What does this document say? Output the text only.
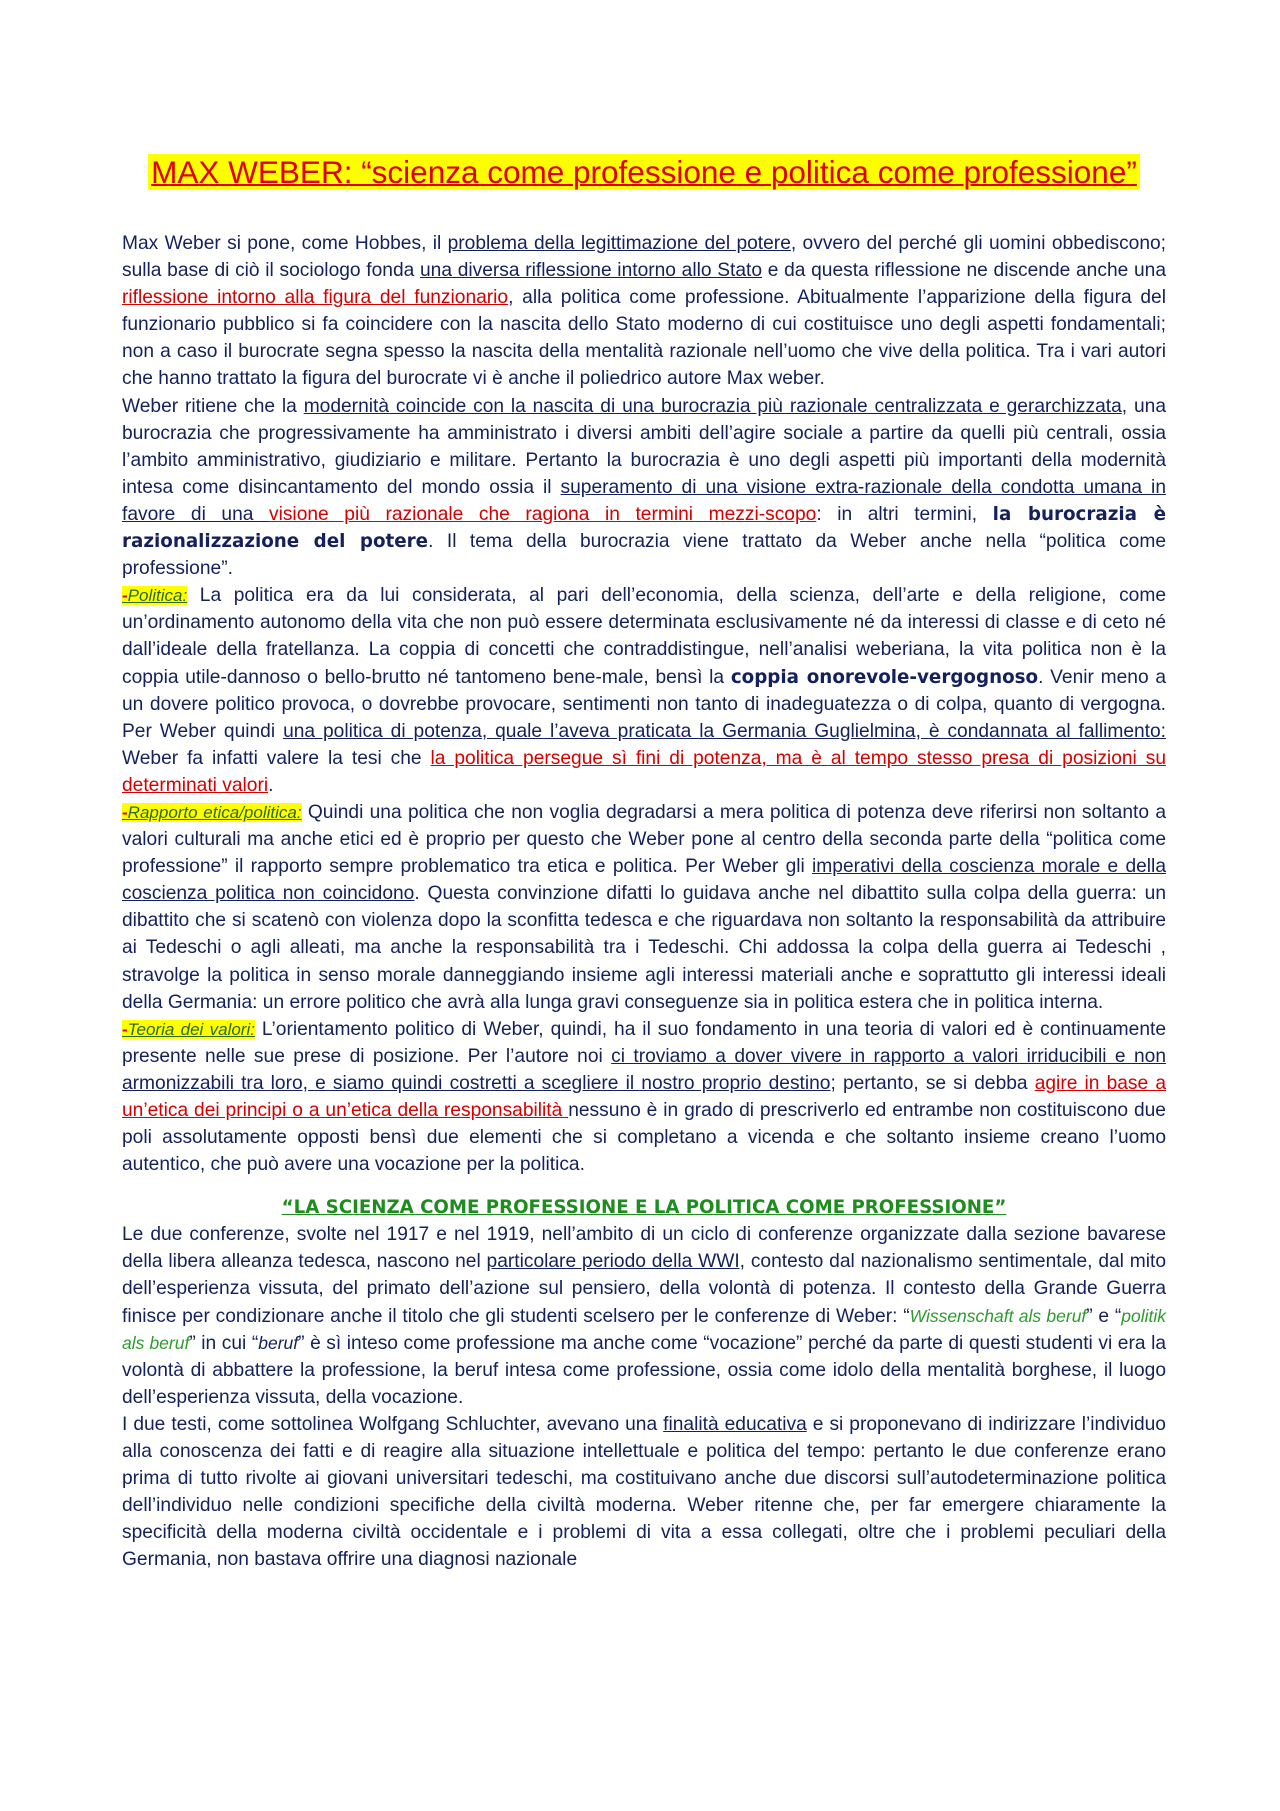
MAX WEBER: “scienza come professione e politica come professione”

Max Weber si pone, come Hobbes, il problema della legittimazione del potere, ovvero del perché gli uomini obbediscono; sulla base di ciò il sociologo fonda una diversa riflessione intorno allo Stato e da questa riflessione ne discende anche una riflessione intorno alla figura del funzionario, alla politica come professione. Abitualmente l’apparizione della figura del funzionario pubblico si fa coincidere con la nascita dello Stato moderno di cui costituisce uno degli aspetti fondamentali; non a caso il burocrate segna spesso la nascita della mentalità razionale nell’uomo che vive della politica. Tra i vari autori che hanno trattato la figura del burocrate vi è anche il poliedrico autore Max weber.

Weber ritiene che la modernità coincide con la nascita di una burocrazia più razionale centralizzata e gerarchizzata, una burocrazia che progressivamente ha amministrato i diversi ambiti dell’agire sociale a partire da quelli più centrali, ossia l’ambito amministrativo, giudiziario e militare. Pertanto la burocrazia è uno degli aspetti più importanti della modernità intesa come disincantamento del mondo ossia il superamento di una visione extra-razionale della condotta umana in favore di una visione più razionale che ragiona in termini mezzi-scopo: in altri termini, la burocrazia è razionalizzazione del potere. Il tema della burocrazia viene trattato da Weber anche nella “politica come professione”.

-Politica: La politica era da lui considerata, al pari dell’economia, della scienza, dell’arte e della religione, come un’ordinamento autonomo della vita che non può essere determinata esclusivamente né da interessi di classe e di ceto né dall’ideale della fratellanza. La coppia di concetti che contraddistingue, nell’analisi weberiana, la vita politica non è la coppia utile-dannoso o bello-brutto né tantomeno bene-male, bensì la coppia onorevole-vergognoso. Venir meno a un dovere politico provoca, o dovrebbe provocare, sentimenti non tanto di inadeguatezza o di colpa, quanto di vergogna. Per Weber quindi una politica di potenza, quale l’aveva praticata la Germania Guglielmina, è condannata al fallimento: Weber fa infatti valere la tesi che la politica persegue sì fini di potenza, ma è al tempo stesso presa di posizioni su determinati valori.

-Rapporto etica/politica: Quindi una politica che non voglia degradarsi a mera politica di potenza deve riferirsi non soltanto a valori culturali ma anche etici ed è proprio per questo che Weber pone al centro della seconda parte della “politica come professione” il rapporto sempre problematico tra etica e politica. Per Weber gli imperativi della coscienza morale e della coscienza politica non coincidono. Questa convinzione difatti lo guidava anche nel dibattito sulla colpa della guerra: un dibattito che si scatenò con violenza dopo la sconfitta tedesca e che riguardava non soltanto la responsabilità da attribuire ai Tedeschi o agli alleati, ma anche la responsabilità tra i Tedeschi. Chi addossa la colpa della guerra ai Tedeschi , stravolge la politica in senso morale danneggiando insieme agli interessi materiali anche e soprattutto gli interessi ideali della Germania: un errore politico che avrà alla lunga gravi conseguenze sia in politica estera che in politica interna.

-Teoria dei valori: L’orientamento politico di Weber, quindi, ha il suo fondamento in una teoria di valori ed è continuamente presente nelle sue prese di posizione. Per l’autore noi ci troviamo a dover vivere in rapporto a valori irriducibili e non armonizzabili tra loro, e siamo quindi costretti a scegliere il nostro proprio destino; pertanto, se si debba agire in base a un’etica dei principi o a un’etica della responsabilità nessuno è in grado di prescriverlo ed entrambe non costituiscono due poli assolutamente opposti bensì due elementi che si completano a vicenda e che soltanto insieme creano l’uomo autentico, che può avere una vocazione per la politica.

“LA SCIENZA COME PROFESSIONE E LA POLITICA COME PROFESSIONE”

Le due conferenze, svolte nel 1917 e nel 1919, nell’ambito di un ciclo di conferenze organizzate dalla sezione bavarese della libera alleanza tedesca, nascono nel particolare periodo della WWI, contesto dal nazionalismo sentimentale, dal mito dell’esperienza vissuta, del primato dell’azione sul pensiero, della volontà di potenza. Il contesto della Grande Guerra finisce per condizionare anche il titolo che gli studenti scelsero per le conferenze di Weber: “Wissenschaft als beruf” e “politik als beruf” in cui “beruf” è sì inteso come professione ma anche come “vocazione” perché da parte di questi studenti vi era la volontà di abbattere la professione, la beruf intesa come professione, ossia come idolo della mentalità borghese, il luogo dell’esperienza vissuta, della vocazione.

I due testi, come sottolinea Wolfgang Schluchter, avevano una finalità educativa e si proponevano di indirizzare l’individuo alla conoscenza dei fatti e di reagire alla situazione intellettuale e politica del tempo: pertanto le due conferenze erano prima di tutto rivolte ai giovani universitari tedeschi, ma costituivano anche due discorsi sull’autodeterminazione politica dell’individuo nelle condizioni specifiche della civiltà moderna. Weber ritenne che, per far emergere chiaramente la specificità della moderna civiltà occidentale e i problemi di vita a essa collegati, oltre che i problemi peculiari della Germania, non bastava offrire una diagnosi nazionale
